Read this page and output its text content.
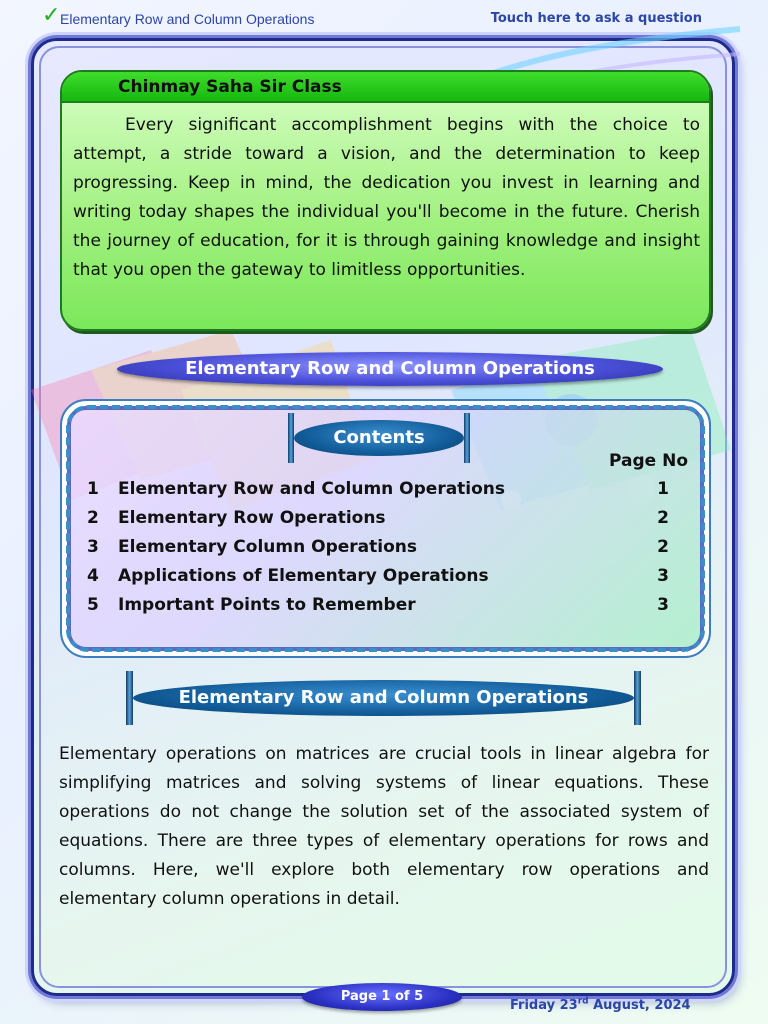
✓ Elementary Row and Column Operations	Touch here to ask a question
Chinmay Saha Sir Class

Every significant accomplishment begins with the choice to attempt, a stride toward a vision, and the determination to keep progressing. Keep in mind, the dedication you invest in learning and writing today shapes the individual you'll become in the future. Cherish the journey of education, for it is through gaining knowledge and insight that you open the gateway to limitless opportunities.

Elementary Row and Column Operations
Contents
Page No
1 Elementary Row and Column Operations	1
2 Elementary Row Operations	2
3 Elementary Column Operations	2
4 Applications of Elementary Operations	3
5 Important Points to Remember	3
Elementary Row and Column Operations

Elementary operations on matrices are crucial tools in linear algebra for simplifying matrices and solving systems of linear equations. These operations do not change the solution set of the associated system of equations. There are three types of elementary operations for rows and columns. Here, we'll explore both elementary row operations and elementary column operations in detail.

Page 1 of 5
Friday 23rd August, 2024
